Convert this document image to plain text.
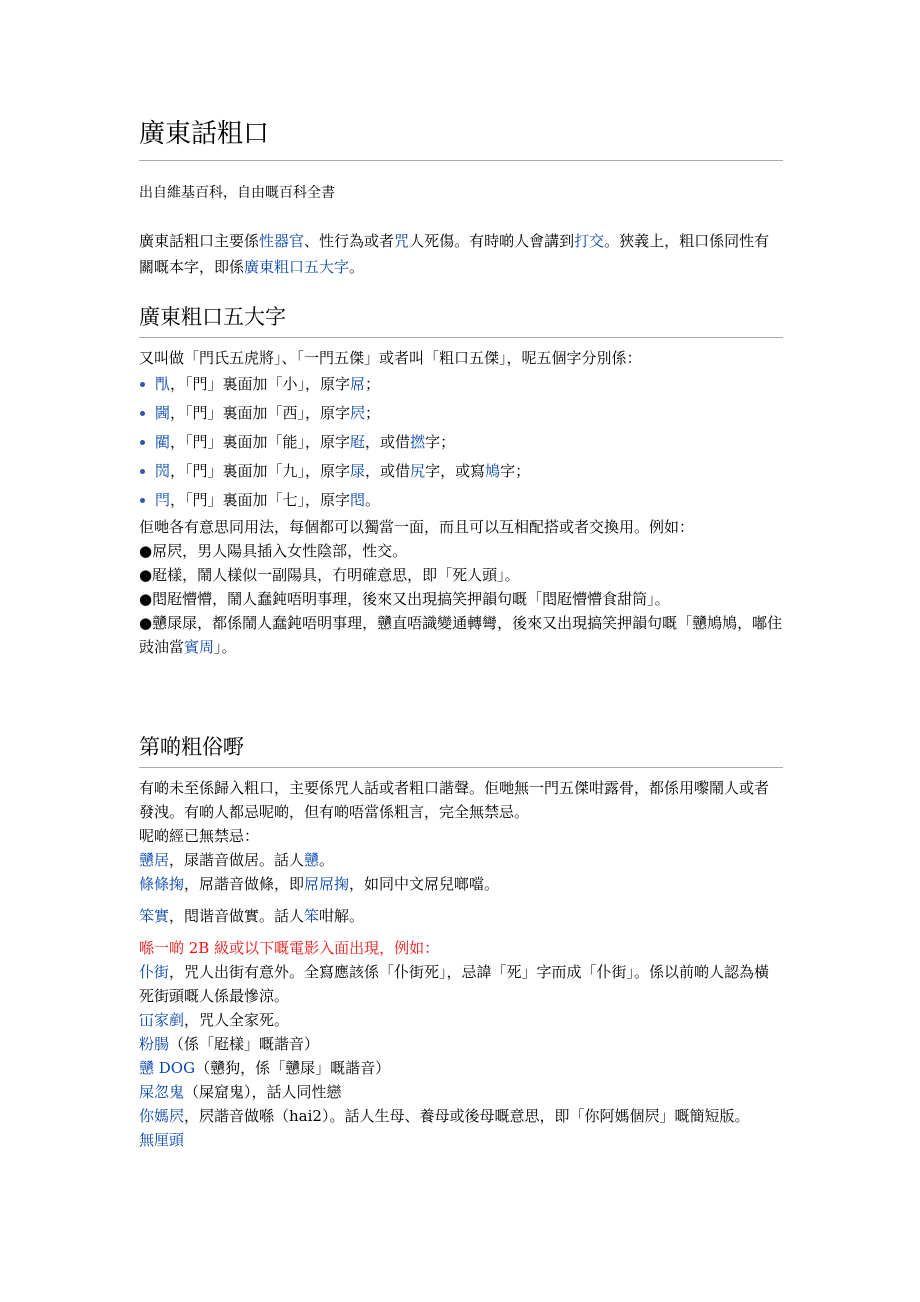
廣東話粗口
出自維基百科，自由嘅百科全書
廣東話粗口主要係性器官、性行為或者咒人死傷。有時啲人會講到打交。狹義上，粗口係同性有關嘅本字，即係廣東粗口五大字。
廣東粗口五大字

又叫做「門氏五虎將」、「一門五傑」或者叫「粗口五傑」，呢五個字分別係：

閄，「門」裏面加「小」，原字屌；
閪，「門」裏面加「西」，原字屄；
閵，「門」裏面加「能」，原字屘，或借撚字；
閌，「門」裏面加「九」，原字㞗，或借尻字，或寫鳩字；
閂，「門」裏面加「七」，原字𨳍。

佢哋各有意思同用法，每個都可以獨當一面，而且可以互相配搭或者交換用。例如：

●屌屄，男人陽具插入女性陰部，性交。

●屘樣，鬧人樣似一副陽具，冇明確意思，即「死人頭」。

●𨳍屘懵懵，鬧人蠢鈍唔明事理，後來又出現搞笑押韻句嘅「𨳍屘懵懵食甜筒」。

●戇㞗㞗，都係鬧人蠢鈍唔明事理，戇直唔識變通轉彎，後來又出現搞笑押韻句嘅「戇鳩鳩，嘟住豉油當賓周」。

第啲粗俗嘢

有啲未至係歸入粗口，主要係咒人話或者粗口諧聲。佢哋無一門五傑咁露骨，都係用嚟鬧人或者發洩。有啲人都忌呢啲，但有啲唔當係粗言，完全無禁忌。

呢啲經已無禁忌：

戇居，㞗諧音做居。話人戇。

條條掬，屌諧音做條，即屌屌掬，如同中文屌兒啷噹。

笨實，𨳍谐音做實。話人笨咁解。

喺一啲 2B 級或以下嘅電影入面出現，例如：

仆街，咒人出街有意外。全寫應該係「仆街死」，忌諱「死」字而成「仆街」。係以前啲人認為橫死街頭嘅人係最慘涼。

冚家剷，咒人全家死。

粉腸（係「屘樣」嘅諧音）

戇 DOG（戇狗，係「戇㞗」嘅諧音）

屎忽鬼（屎窟鬼），話人同性戀

你媽屄，屄諧音做喺（hai2）。話人生母、養母或後母嘅意思，即「你阿媽個屄」嘅簡短版。

無厘頭
